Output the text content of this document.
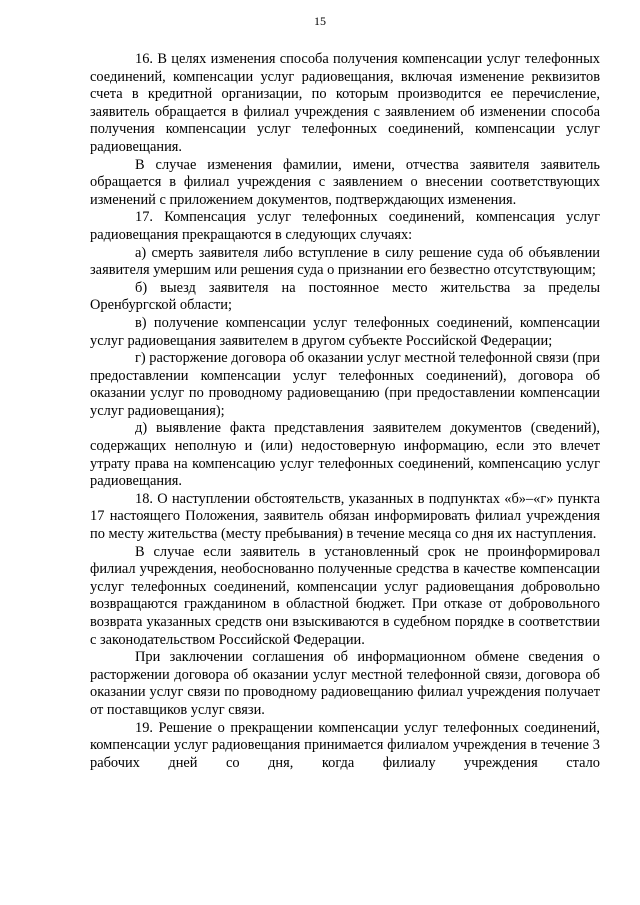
15

16. В целях изменения способа получения компенсации услуг телефонных соединений, компенсации услуг радиовещания, включая изменение реквизитов счета в кредитной организации, по которым производится ее перечисление, заявитель обращается в филиал учреждения с заявлением об изменении способа получения компенсации услуг телефонных соединений, компенсации услуг радиовещания.

В случае изменения фамилии, имени, отчества заявителя заявитель обращается в филиал учреждения с заявлением о внесении соответствующих изменений с приложением документов, подтверждающих изменения.

17. Компенсация услуг телефонных соединений, компенсация услуг радиовещания прекращаются в следующих случаях:

а) смерть заявителя либо вступление в силу решение суда об объявлении заявителя умершим или решения суда о признании его безвестно отсутствующим;

б) выезд заявителя на постоянное место жительства за пределы Оренбургской области;

в) получение компенсации услуг телефонных соединений, компенсации услуг радиовещания заявителем в другом субъекте Российской Федерации;

г) расторжение договора об оказании услуг местной телефонной связи (при предоставлении компенсации услуг телефонных соединений), договора об оказании услуг по проводному радиовещанию (при предоставлении компенсации услуг радиовещания);

д) выявление факта представления заявителем документов (сведений), содержащих неполную и (или) недостоверную информацию, если это влечет утрату права на компенсацию услуг телефонных соединений, компенсацию услуг радиовещания.

18. О наступлении обстоятельств, указанных в подпунктах «б»–«г» пункта 17 настоящего Положения, заявитель обязан информировать филиал учреждения по месту жительства (месту пребывания) в течение месяца со дня их наступления.

В случае если заявитель в установленный срок не проинформировал филиал учреждения, необоснованно полученные средства в качестве компенсации услуг телефонных соединений, компенсации услуг радиовещания добровольно возвращаются гражданином в областной бюджет. При отказе от добровольного возврата указанных средств они взыскиваются в судебном порядке в соответствии с законодательством Российской Федерации.

При заключении соглашения об информационном обмене сведения о расторжении договора об оказании услуг местной телефонной связи, договора об оказании услуг связи по проводному радиовещанию филиал учреждения получает от поставщиков услуг связи.

19. Решение о прекращении компенсации услуг телефонных соединений, компенсации услуг радиовещания принимается филиалом учреждения в течение 3 рабочих дней со дня, когда филиалу учреждения стало
